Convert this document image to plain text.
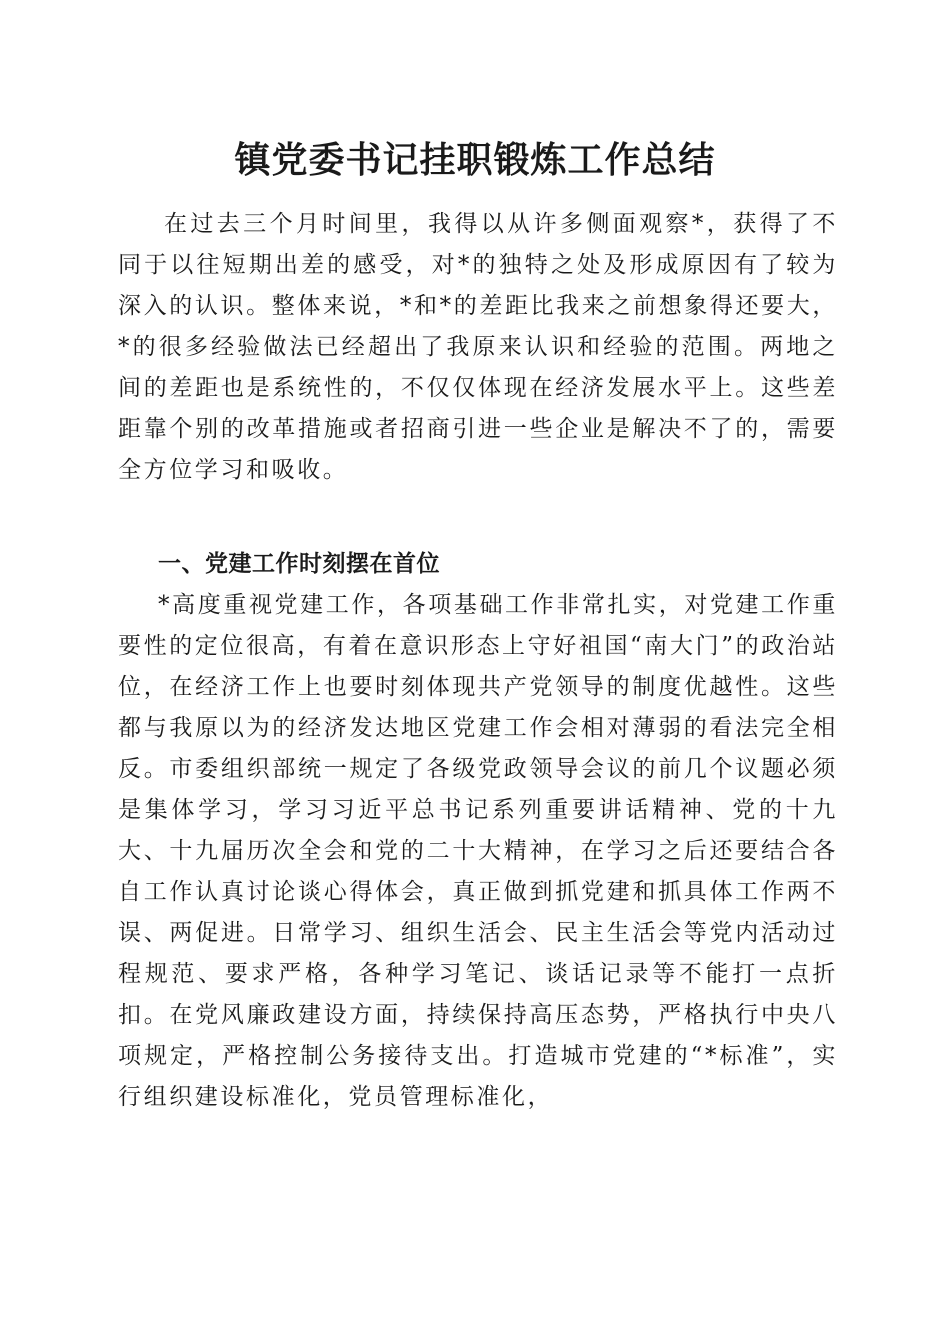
镇党委书记挂职锻炼工作总结

在过去三个月时间里，我得以从许多侧面观察*，获得了不同于以往短期出差的感受，对*的独特之处及形成原因有了较为深入的认识。整体来说，*和*的差距比我来之前想象得还要大，*的很多经验做法已经超出了我原来认识和经验的范围。两地之间的差距也是系统性的，不仅仅体现在经济发展水平上。这些差距靠个别的改革措施或者招商引进一些企业是解决不了的，需要全方位学习和吸收。

一、党建工作时刻摆在首位

*高度重视党建工作，各项基础工作非常扎实，对党建工作重要性的定位很高，有着在意识形态上守好祖国“南大门”的政治站位，在经济工作上也要时刻体现共产党领导的制度优越性。这些都与我原以为的经济发达地区党建工作会相对薄弱的看法完全相反。市委组织部统一规定了各级党政领导会议的前几个议题必须是集体学习，学习习近平总书记系列重要讲话精神、党的十九大、十九届历次全会和党的二十大精神，在学习之后还要结合各自工作认真讨论谈心得体会，真正做到抓党建和抓具体工作两不误、两促进。日常学习、组织生活会、民主生活会等党内活动过程规范、要求严格，各种学习笔记、谈话记录等不能打一点折扣。在党风廉政建设方面，持续保持高压态势，严格执行中央八项规定，严格控制公务接待支出。打造城市党建的“*标准”，实行组织建设标准化，党员管理标准化，
